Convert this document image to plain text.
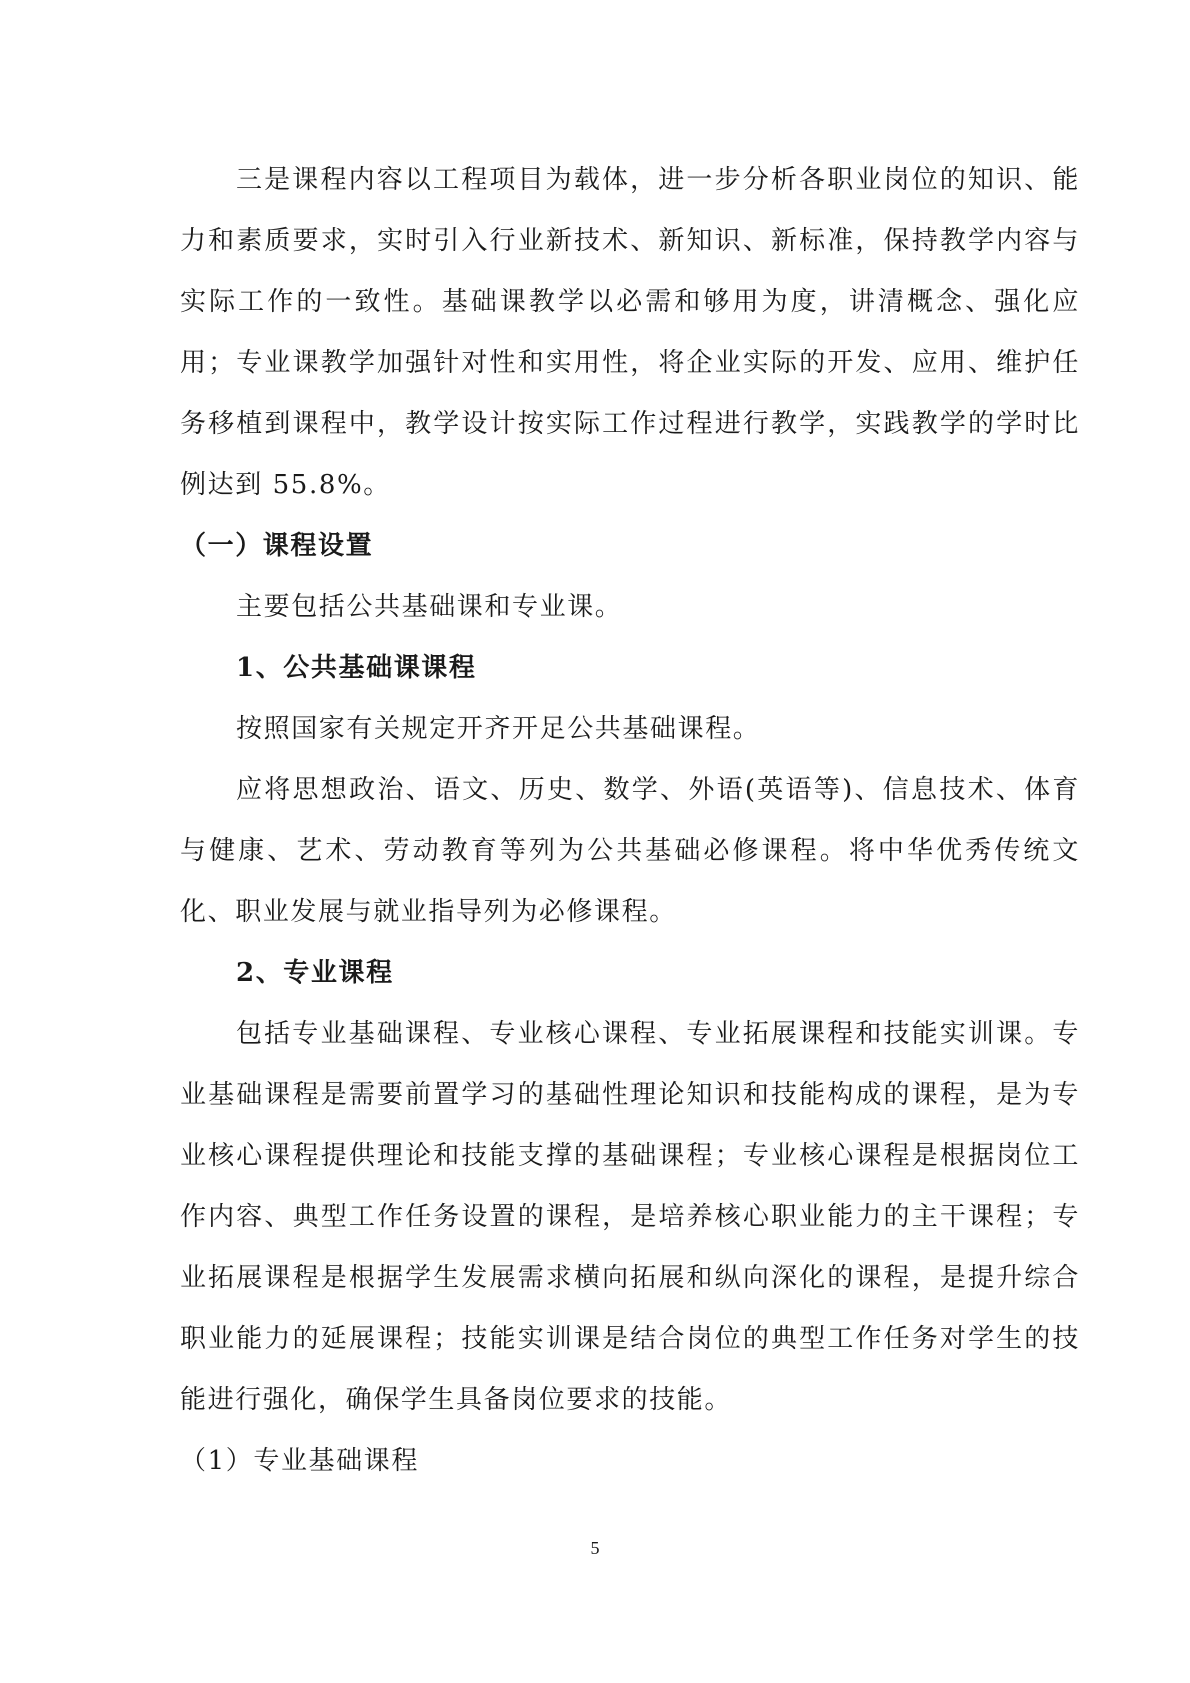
三是课程内容以工程项目为载体，进一步分析各职业岗位的知识、能力和素质要求，实时引入行业新技术、新知识、新标准，保持教学内容与实际工作的一致性。基础课教学以必需和够用为度，讲清概念、强化应用；专业课教学加强针对性和实用性，将企业实际的开发、应用、维护任务移植到课程中，教学设计按实际工作过程进行教学，实践教学的学时比例达到 55.8%。

（一）课程设置

主要包括公共基础课和专业课。

1、公共基础课课程

按照国家有关规定开齐开足公共基础课程。

应将思想政治、语文、历史、数学、外语(英语等)、信息技术、体育与健康、艺术、劳动教育等列为公共基础必修课程。将中华优秀传统文化、职业发展与就业指导列为必修课程。

2、专业课程

包括专业基础课程、专业核心课程、专业拓展课程和技能实训课。专业基础课程是需要前置学习的基础性理论知识和技能构成的课程，是为专业核心课程提供理论和技能支撑的基础课程；专业核心课程是根据岗位工作内容、典型工作任务设置的课程，是培养核心职业能力的主干课程；专业拓展课程是根据学生发展需求横向拓展和纵向深化的课程，是提升综合职业能力的延展课程；技能实训课是结合岗位的典型工作任务对学生的技能进行强化，确保学生具备岗位要求的技能。

（1）专业基础课程

5
